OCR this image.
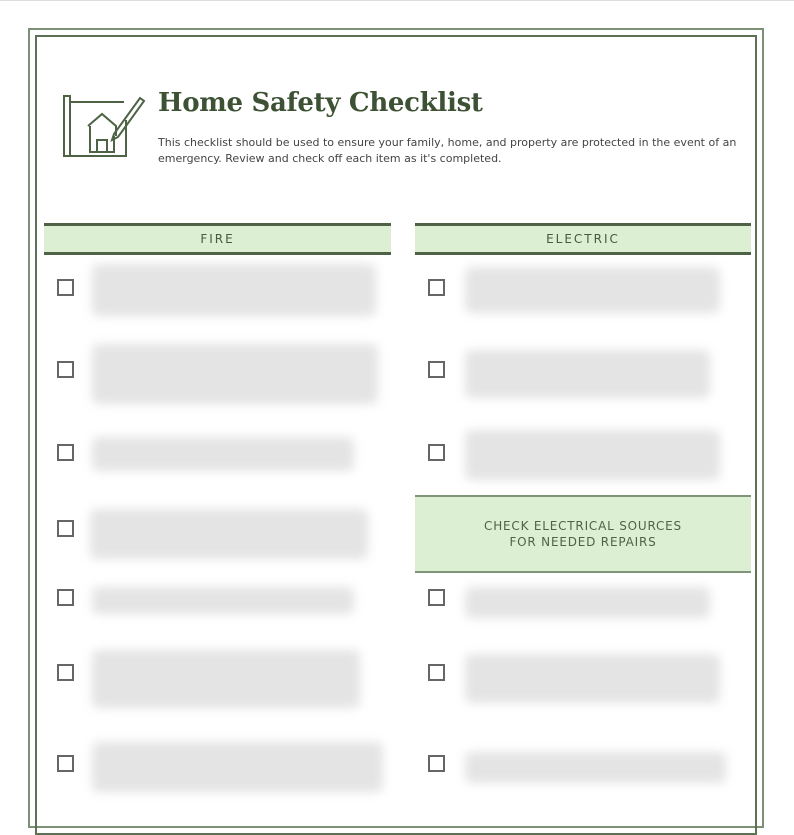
Home Safety Checklist
This checklist should be used to ensure your family, home, and property are protected in the event of an emergency. Review and check off each item as it's completed.
FIRE	ELECTRIC
CHECK ELECTRICAL SOURCES
FOR NEEDED REPAIRS
